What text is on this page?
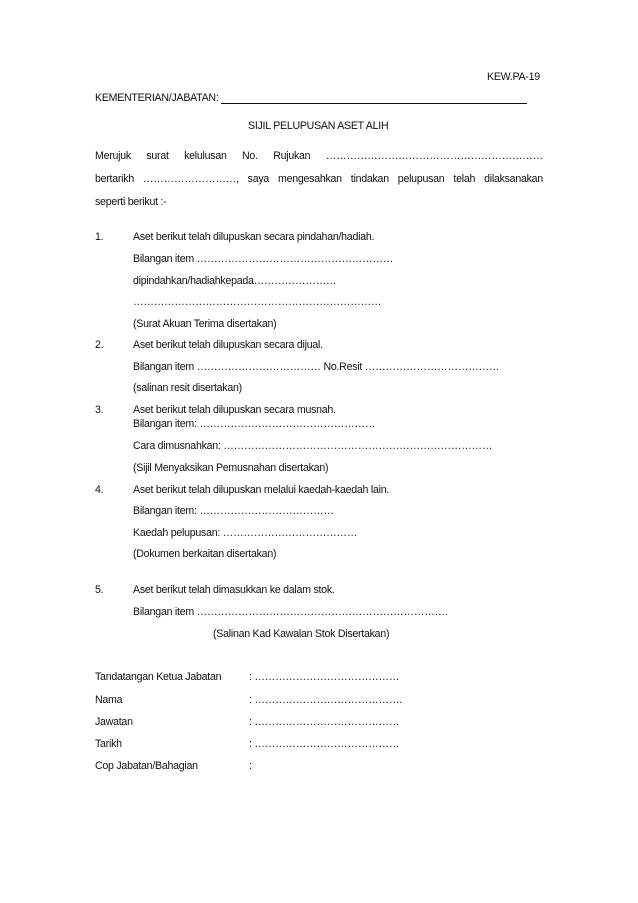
KEW.PA-19
KEMENTERIAN/JABATAN:
SIJIL PELUPUSAN ASET ALIH
Merujuk surat kelulusan No. Rujukan ………………………………………………………
bertarikh ………………………, saya mengesahkan tindakan pelupusan telah dilaksanakan
seperti berikut :-
1.	Aset berikut telah dilupuskan secara pindahan/hadiah.
Bilangan item …………………………………………………
dipindahkan/hadiahkepada……………………
………………………………………………………………
(Surat Akuan Terima disertakan)
2.	Aset berikut telah dilupuskan secara dijual.
Bilangan item ……………………………… No.Resit …………………………………
(salinan resit disertakan)
3.	Aset berikut telah dilupuskan secara musnah.
Bilangan item: ……………………………………………
Cara dimusnahkan: ……………………………………………………………………
(Sijil Menyaksikan Pemusnahan disertakan)
4.	Aset berikut telah dilupuskan melalui kaedah-kaedah lain.
Bilangan item: …………………………………
Kaedah pelupusan: …………………………………
(Dokumen berkaitan disertakan)
5.	Aset berikut telah dimasukkan ke dalam stok.
Bilangan item ……………………………………………………………….
(Salinan Kad Kawalan Stok Disertakan)
Tandatangan Ketua Jabatan	: ……………………………………
Nama	: …………………………………….
Jawatan	: ……………………………………
Tarikh	: ……………………………………
Cop Jabatan/Bahagian	:
